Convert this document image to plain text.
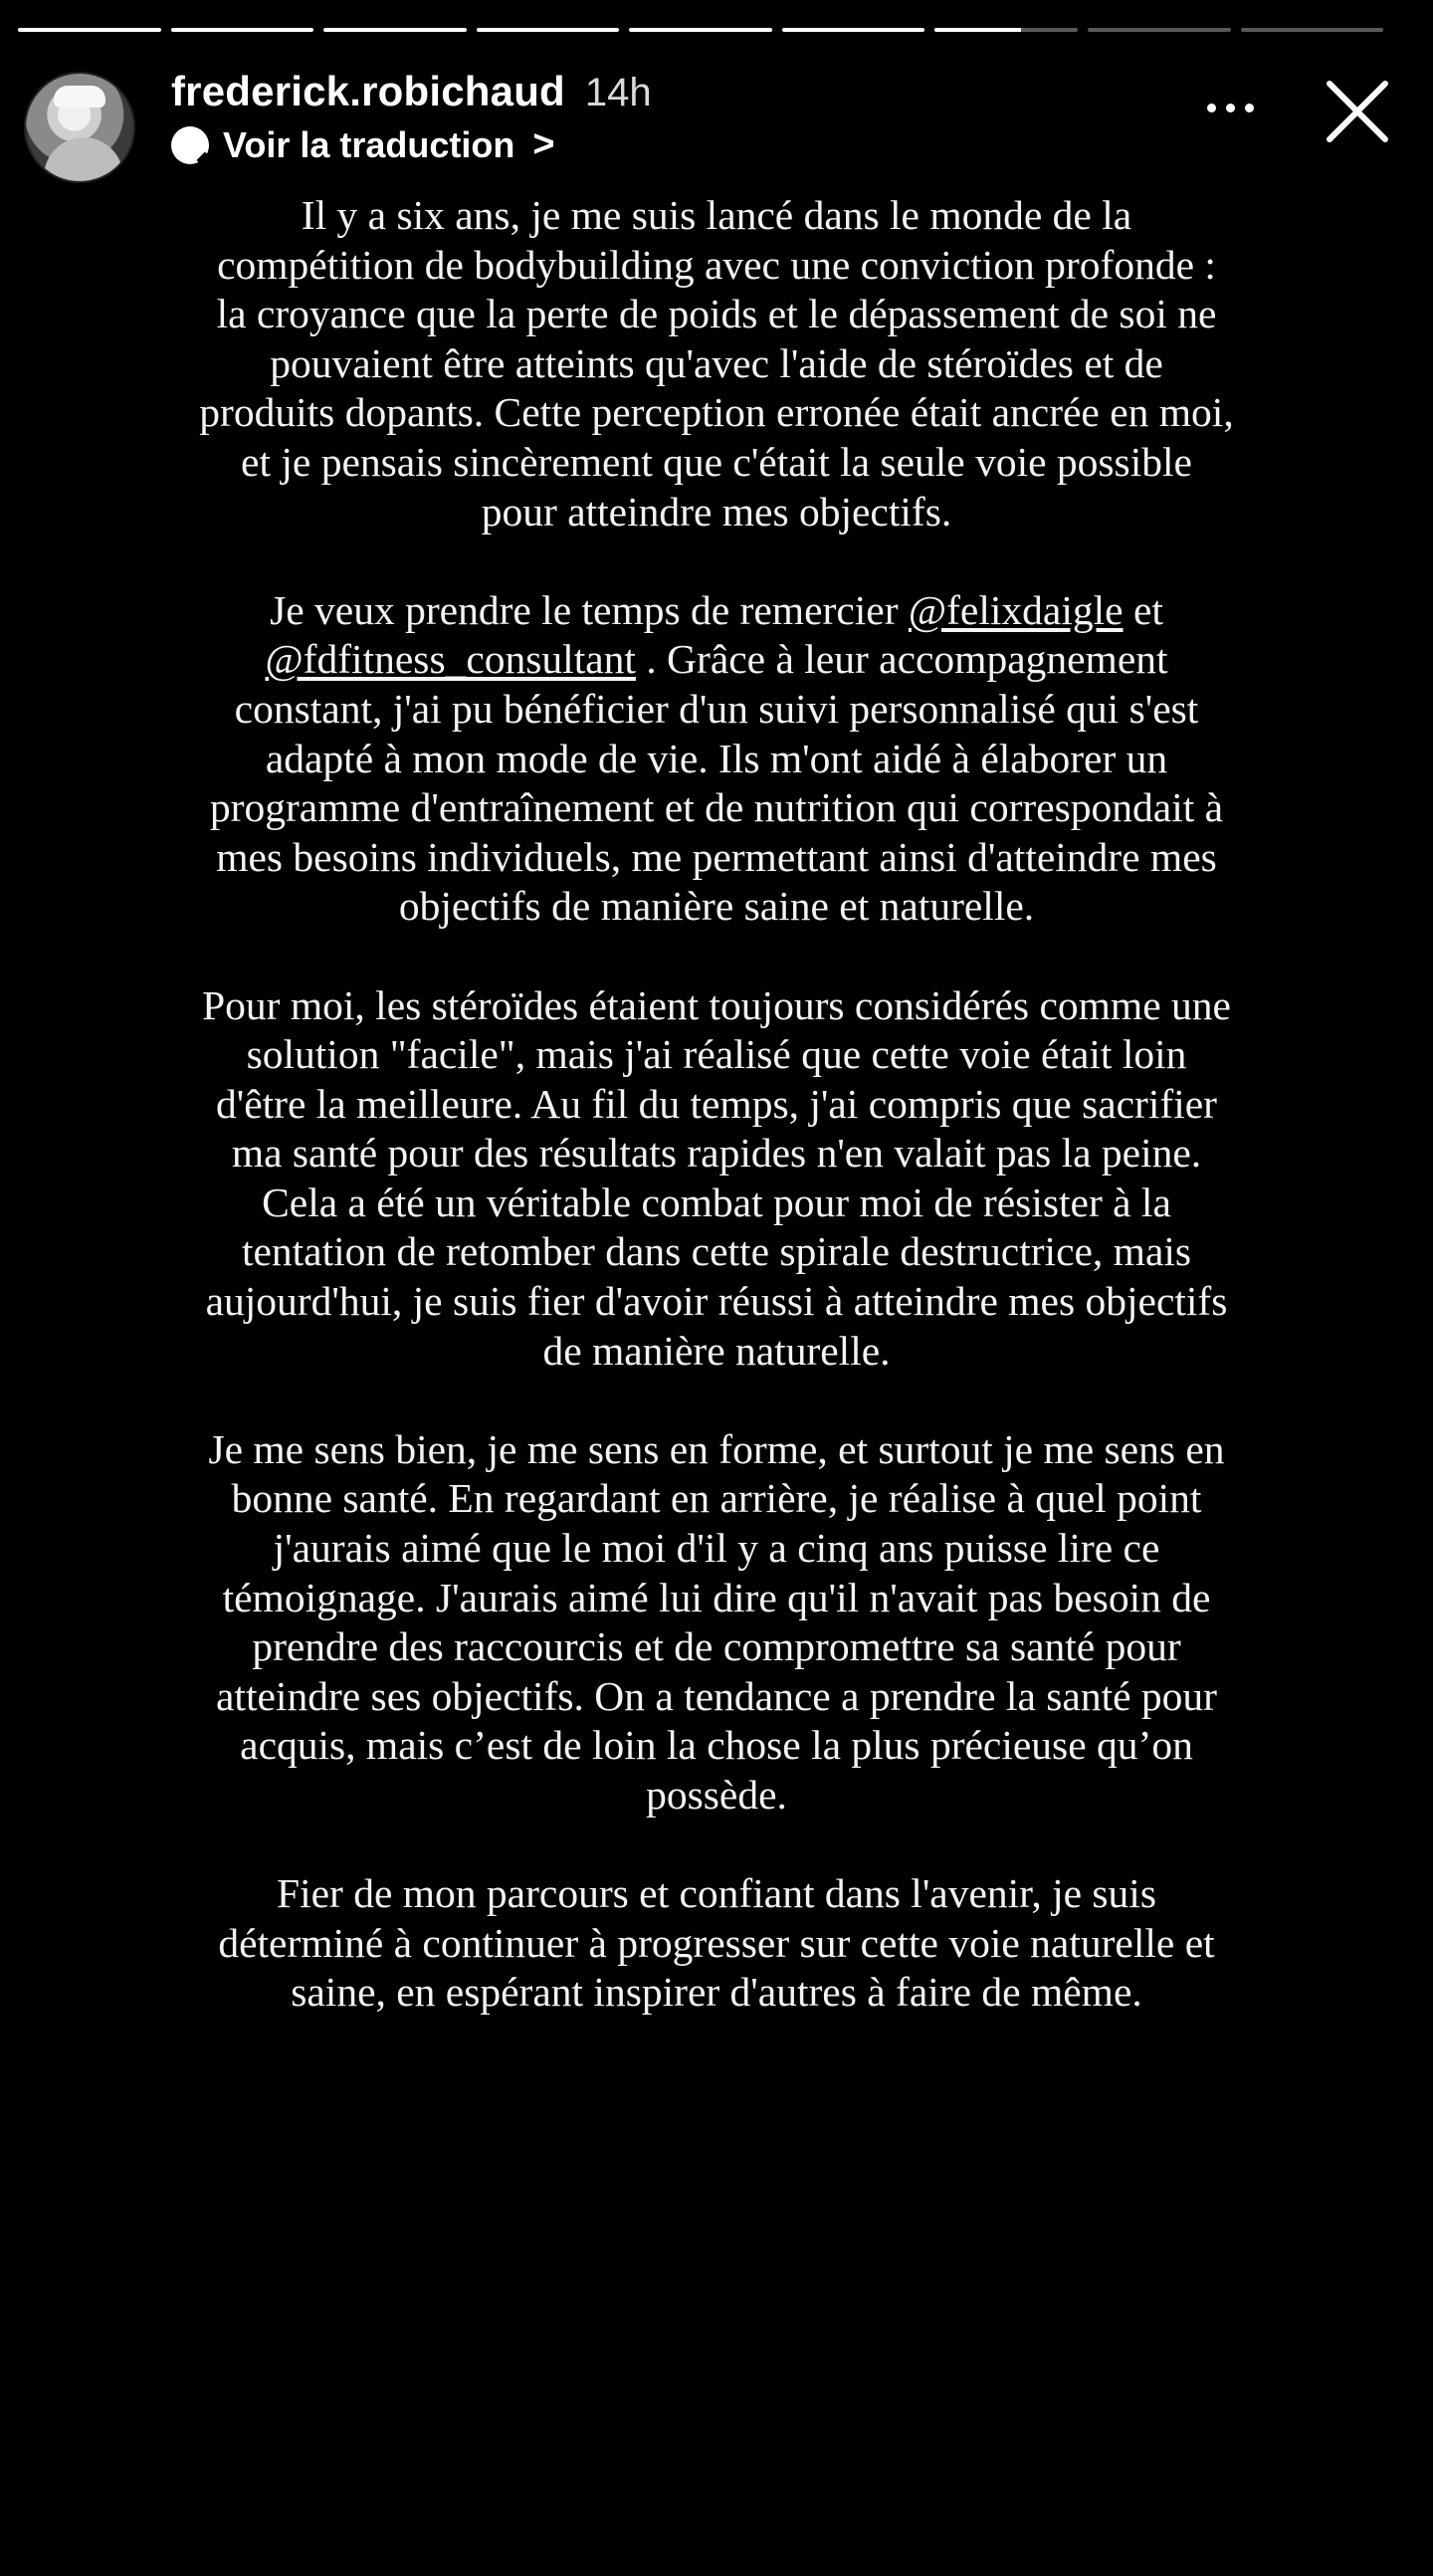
frederick.robichaud 14h
Voir la traduction >

Il y a six ans, je me suis lancé dans le monde de la compétition de bodybuilding avec une conviction profonde : la croyance que la perte de poids et le dépassement de soi ne pouvaient être atteints qu'avec l'aide de stéroïdes et de produits dopants. Cette perception erronée était ancrée en moi, et je pensais sincèrement que c'était la seule voie possible pour atteindre mes objectifs.

Je veux prendre le temps de remercier @felixdaigle et @fdfitness_consultant . Grâce à leur accompagnement constant, j'ai pu bénéficier d'un suivi personnalisé qui s'est adapté à mon mode de vie. Ils m'ont aidé à élaborer un programme d'entraînement et de nutrition qui correspondait à mes besoins individuels, me permettant ainsi d'atteindre mes objectifs de manière saine et naturelle.

Pour moi, les stéroïdes étaient toujours considérés comme une solution "facile", mais j'ai réalisé que cette voie était loin d'être la meilleure. Au fil du temps, j'ai compris que sacrifier ma santé pour des résultats rapides n'en valait pas la peine. Cela a été un véritable combat pour moi de résister à la tentation de retomber dans cette spirale destructrice, mais aujourd'hui, je suis fier d'avoir réussi à atteindre mes objectifs de manière naturelle.

Je me sens bien, je me sens en forme, et surtout je me sens en bonne santé. En regardant en arrière, je réalise à quel point j'aurais aimé que le moi d'il y a cinq ans puisse lire ce témoignage. J'aurais aimé lui dire qu'il n'avait pas besoin de prendre des raccourcis et de compromettre sa santé pour atteindre ses objectifs. On a tendance a prendre la santé pour acquis, mais c’est de loin la chose la plus précieuse qu’on possède.

Fier de mon parcours et confiant dans l'avenir, je suis déterminé à continuer à progresser sur cette voie naturelle et saine, en espérant inspirer d'autres à faire de même.
